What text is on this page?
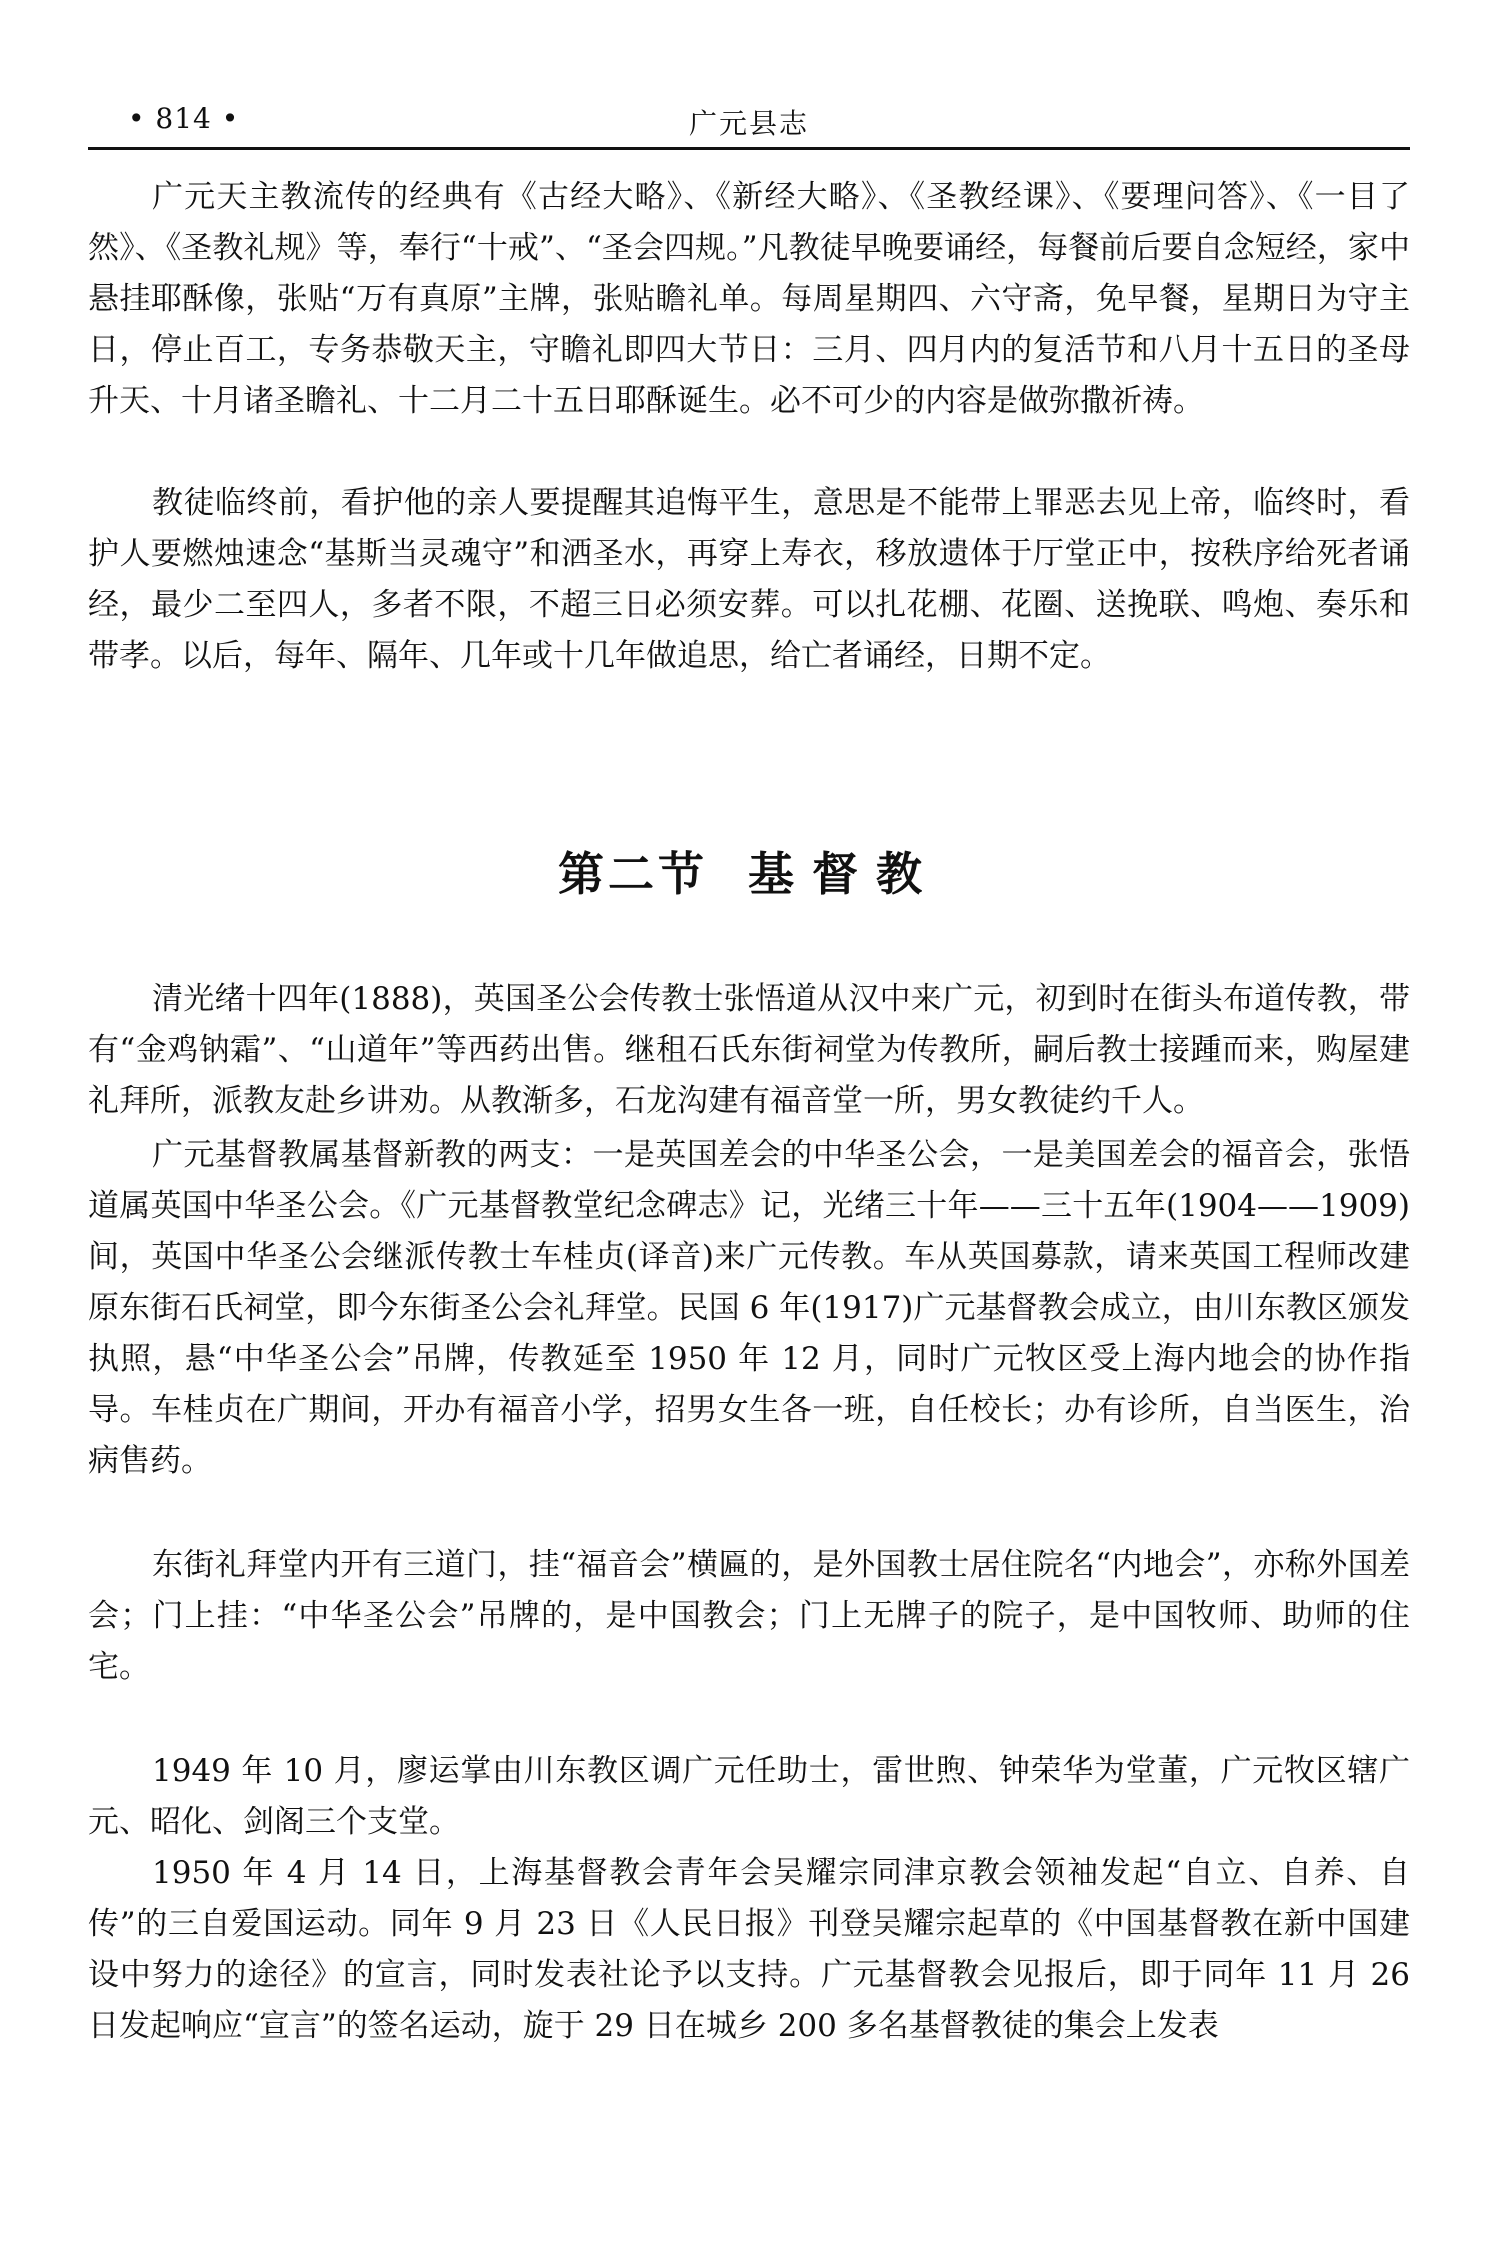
• 814 •	广元县志

广元天主教流传的经典有《古经大略》、《新经大略》、《圣教经课》、《要理问答》、《一目了然》、《圣教礼规》等，奉行“十戒”、“圣会四规。”凡教徒早晚要诵经，每餐前后要自念短经，家中悬挂耶酥像，张贴“万有真原”主牌，张贴瞻礼单。每周星期四、六守斋，免早餐，星期日为守主日，停止百工，专务恭敬天主，守瞻礼即四大节日：三月、四月内的复活节和八月十五日的圣母升天、十月诸圣瞻礼、十二月二十五日耶酥诞生。必不可少的内容是做弥撒祈祷。

教徒临终前，看护他的亲人要提醒其追悔平生，意思是不能带上罪恶去见上帝，临终时，看护人要燃烛速念“基斯当灵魂守”和洒圣水，再穿上寿衣，移放遗体于厅堂正中，按秩序给死者诵经，最少二至四人，多者不限，不超三日必须安葬。可以扎花棚、花圈、送挽联、鸣炮、奏乐和带孝。以后，每年、隔年、几年或十几年做追思，给亡者诵经，日期不定。

第二节 基督教

清光绪十四年(1888)，英国圣公会传教士张悟道从汉中来广元，初到时在街头布道传教，带有“金鸡钠霜”、“山道年”等西药出售。继租石氏东街祠堂为传教所，嗣后教士接踵而来，购屋建礼拜所，派教友赴乡讲劝。从教渐多，石龙沟建有福音堂一所，男女教徒约千人。

广元基督教属基督新教的两支：一是英国差会的中华圣公会，一是美国差会的福音会，张悟道属英国中华圣公会。《广元基督教堂纪念碑志》记，光绪三十年——三十五年(1904——1909)间，英国中华圣公会继派传教士车桂贞(译音)来广元传教。车从英国募款，请来英国工程师改建原东街石氏祠堂，即今东街圣公会礼拜堂。民国 6 年(1917)广元基督教会成立，由川东教区颁发执照，悬“中华圣公会”吊牌，传教延至 1950 年 12 月，同时广元牧区受上海内地会的协作指导。车桂贞在广期间，开办有福音小学，招男女生各一班，自任校长；办有诊所，自当医生，治病售药。

东街礼拜堂内开有三道门，挂“福音会”横匾的，是外国教士居住院名“内地会”，亦称外国差会；门上挂：“中华圣公会”吊牌的，是中国教会；门上无牌子的院子，是中国牧师、助师的住宅。

1949 年 10 月，廖运掌由川东教区调广元任助士，雷世煦、钟荣华为堂董，广元牧区辖广元、昭化、剑阁三个支堂。

1950 年 4 月 14 日，上海基督教会青年会吴耀宗同津京教会领袖发起“自立、自养、自传”的三自爱国运动。同年 9 月 23 日《人民日报》刊登吴耀宗起草的《中国基督教在新中国建设中努力的途径》的宣言，同时发表社论予以支持。广元基督教会见报后，即于同年 11 月 26 日发起响应“宣言”的签名运动，旋于 29 日在城乡 200 多名基督教徒的集会上发表
